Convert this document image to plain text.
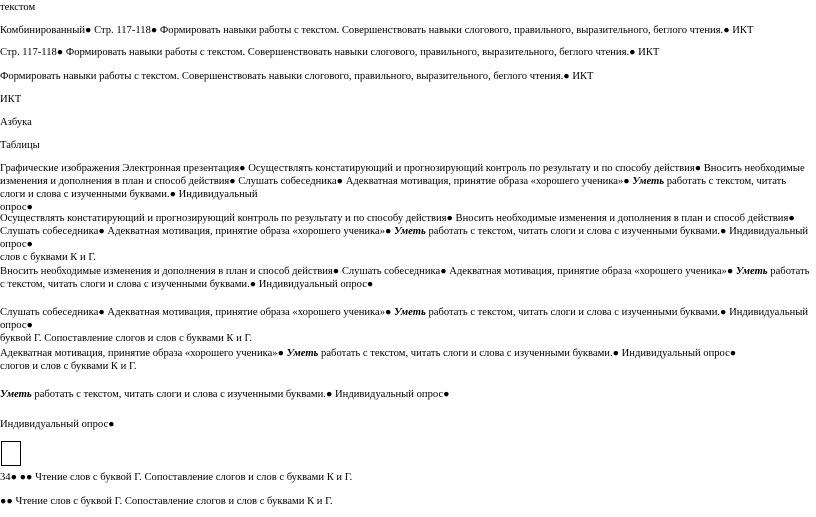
текстом
Комбинированный● Стр. 117-118● Формировать навыки работы с текстом. Совершенствовать навыки слогового, правильного, выразительного, беглого чтения.● ИКТ
Стр. 117-118● Формировать навыки работы с текстом. Совершенствовать навыки слогового, правильного, выразительного, беглого чтения.● ИКТ
Формировать навыки работы с текстом. Совершенствовать навыки слогового, правильного, выразительного, беглого чтения.● ИКТ
ИКТ
Азбука
Таблицы
Графические изображения Электронная презентация● Осуществлять констатирующий и прогнозирующий контроль по результату и по способу действия● Вносить необходимые изменения и дополнения в план и способ действия● Слушать собеседника● Адекватная мотивация, принятие образа «хорошего ученика»● Уметь работать с текстом, читать слоги и слова с изученными буквами.● Индивидуальный
опрос●
Осуществлять констатирующий и прогнозирующий контроль по результату и по способу действия● Вносить необходимые изменения и дополнения в план и способ действия● Слушать собеседника● Адекватная мотивация, принятие образа «хорошего ученика»● Уметь работать с текстом, читать слоги и слова с изученными буквами.● Индивидуальный опрос●
слов с буквами К и Г.
Вносить необходимые изменения и дополнения в план и способ действия● Слушать собеседника● Адекватная мотивация, принятие образа «хорошего ученика»● Уметь работать с текстом, читать слоги и слова с изученными буквами.● Индивидуальный опрос●
Слушать собеседника● Адекватная мотивация, принятие образа «хорошего ученика»● Уметь работать с текстом, читать слоги и слова с изученными буквами.● Индивидуальный опрос●
буквой Г. Сопоставление слогов и слов с буквами К и Г.
Адекватная мотивация, принятие образа «хорошего ученика»● Уметь работать с текстом, читать слоги и слова с изученными буквами.● Индивидуальный опрос●
слогов и слов с буквами К и Г.
Уметь работать с текстом, читать слоги и слова с изученными буквами.● Индивидуальный опрос●
Индивидуальный опрос●
34● ●● Чтение слов с буквой Г. Сопоставление слогов и слов с буквами К и Г.
●● Чтение слов с буквой Г. Сопоставление слогов и слов с буквами К и Г.
